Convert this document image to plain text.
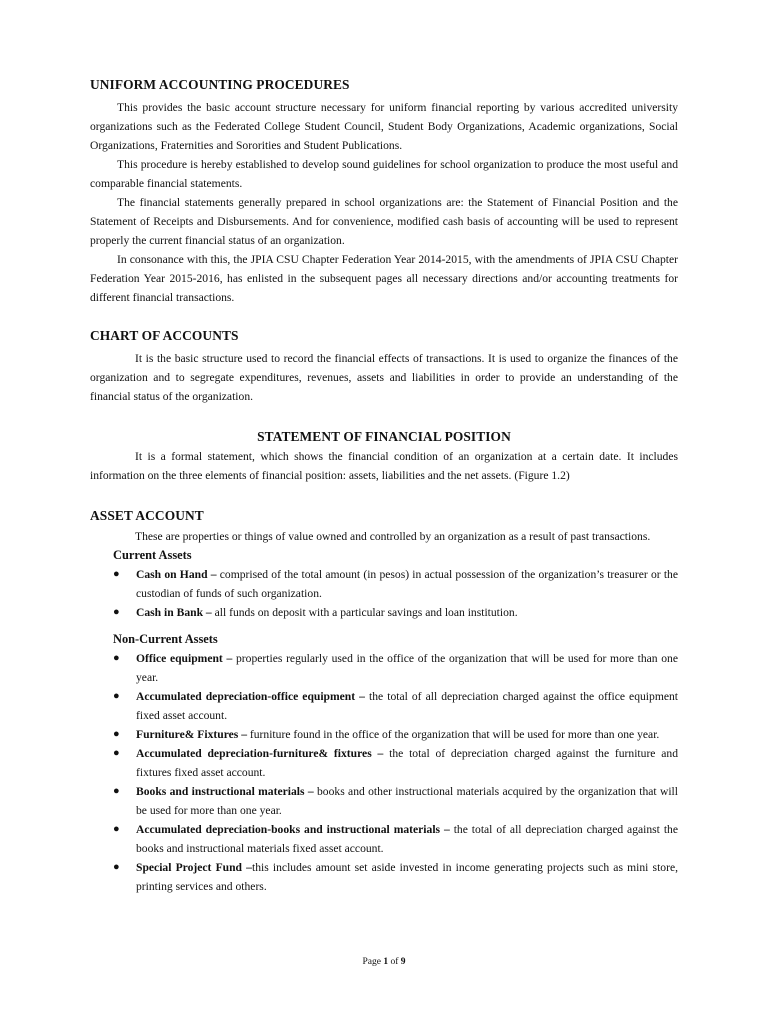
UNIFORM ACCOUNTING PROCEDURES

This provides the basic account structure necessary for uniform financial reporting by various accredited university organizations such as the Federated College Student Council, Student Body Organizations, Academic organizations, Social Organizations, Fraternities and Sororities and Student Publications.

This procedure is hereby established to develop sound guidelines for school organization to produce the most useful and comparable financial statements.

The financial statements generally prepared in school organizations are: the Statement of Financial Position and the Statement of Receipts and Disbursements. And for convenience, modified cash basis of accounting will be used to represent properly the current financial status of an organization.

In consonance with this, the JPIA CSU Chapter Federation Year 2014-2015, with the amendments of JPIA CSU Chapter Federation Year 2015-2016, has enlisted in the subsequent pages all necessary directions and/or accounting treatments for different financial transactions.

CHART OF ACCOUNTS

It is the basic structure used to record the financial effects of transactions. It is used to organize the finances of the organization and to segregate expenditures, revenues, assets and liabilities in order to provide an understanding of the financial status of the organization.

STATEMENT OF FINANCIAL POSITION

It is a formal statement, which shows the financial condition of an organization at a certain date. It includes information on the three elements of financial position: assets, liabilities and the net assets. (Figure 1.2)

ASSET ACCOUNT

These are properties or things of value owned and controlled by an organization as a result of past transactions.

Current Assets
● Cash on Hand – comprised of the total amount (in pesos) in actual possession of the organization’s treasurer or the custodian of funds of such organization.
● Cash in Bank – all funds on deposit with a particular savings and loan institution.
Non-Current Assets
● Office equipment – properties regularly used in the office of the organization that will be used for more than one year.
● Accumulated depreciation-office equipment – the total of all depreciation charged against the office equipment fixed asset account.
● Furniture& Fixtures – furniture found in the office of the organization that will be used for more than one year.
● Accumulated depreciation-furniture& fixtures – the total of depreciation charged against the furniture and fixtures fixed asset account.
● Books and instructional materials – books and other instructional materials acquired by the organization that will be used for more than one year.
● Accumulated depreciation-books and instructional materials – the total of all depreciation charged against the books and instructional materials fixed asset account.
● Special Project Fund –this includes amount set aside invested in income generating projects such as mini store, printing services and others.
Page 1 of 9
